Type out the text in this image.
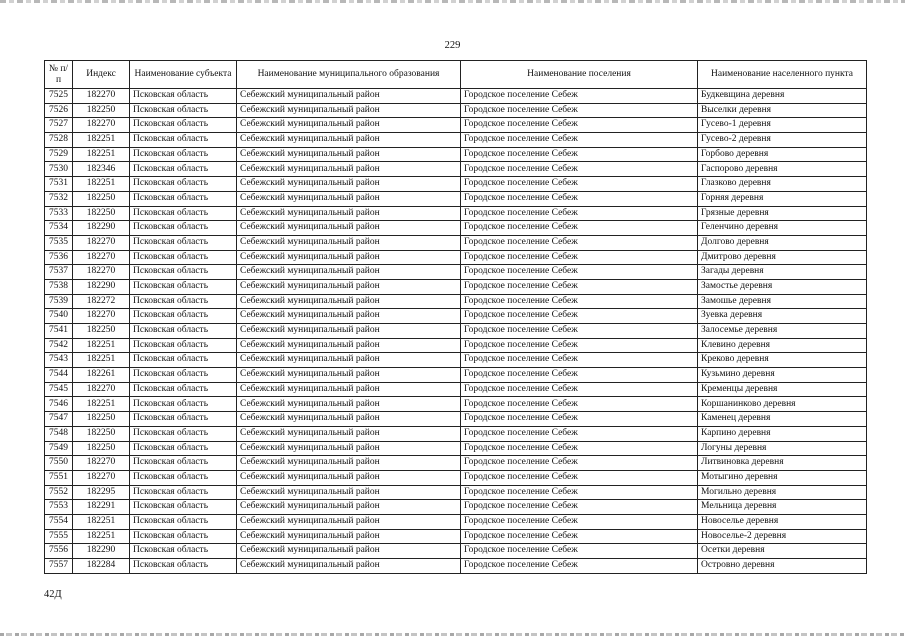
229
№ п/п	Индекс	Наименование субъекта	Наименование муниципального образования	Наименование поселения	Наименование населенного пункта
7525	182270	Псковская область	Себежский муниципальный район	Городское поселение Себеж	Будкевщина деревня
7526	182250	Псковская область	Себежский муниципальный район	Городское поселение Себеж	Выселки деревня
7527	182270	Псковская область	Себежский муниципальный район	Городское поселение Себеж	Гусево-1 деревня
7528	182251	Псковская область	Себежский муниципальный район	Городское поселение Себеж	Гусево-2 деревня
7529	182251	Псковская область	Себежский муниципальный район	Городское поселение Себеж	Горбово деревня
7530	182346	Псковская область	Себежский муниципальный район	Городское поселение Себеж	Гаспорово деревня
7531	182251	Псковская область	Себежский муниципальный район	Городское поселение Себеж	Глазково деревня
7532	182250	Псковская область	Себежский муниципальный район	Городское поселение Себеж	Горняя деревня
7533	182250	Псковская область	Себежский муниципальный район	Городское поселение Себеж	Грязные деревня
7534	182290	Псковская область	Себежский муниципальный район	Городское поселение Себеж	Геленчино деревня
7535	182270	Псковская область	Себежский муниципальный район	Городское поселение Себеж	Долгово деревня
7536	182270	Псковская область	Себежский муниципальный район	Городское поселение Себеж	Дмитрово деревня
7537	182270	Псковская область	Себежский муниципальный район	Городское поселение Себеж	Загады деревня
7538	182290	Псковская область	Себежский муниципальный район	Городское поселение Себеж	Замостье деревня
7539	182272	Псковская область	Себежский муниципальный район	Городское поселение Себеж	Замошье деревня
7540	182270	Псковская область	Себежский муниципальный район	Городское поселение Себеж	Зуевка деревня
7541	182250	Псковская область	Себежский муниципальный район	Городское поселение Себеж	Залосемье деревня
7542	182251	Псковская область	Себежский муниципальный район	Городское поселение Себеж	Клевино деревня
7543	182251	Псковская область	Себежский муниципальный район	Городское поселение Себеж	Креково деревня
7544	182261	Псковская область	Себежский муниципальный район	Городское поселение Себеж	Кузьмино деревня
7545	182270	Псковская область	Себежский муниципальный район	Городское поселение Себеж	Кременцы деревня
7546	182251	Псковская область	Себежский муниципальный район	Городское поселение Себеж	Коршанинково деревня
7547	182250	Псковская область	Себежский муниципальный район	Городское поселение Себеж	Каменец деревня
7548	182250	Псковская область	Себежский муниципальный район	Городское поселение Себеж	Карпино деревня
7549	182250	Псковская область	Себежский муниципальный район	Городское поселение Себеж	Логуны деревня
7550	182270	Псковская область	Себежский муниципальный район	Городское поселение Себеж	Литвиновка деревня
7551	182270	Псковская область	Себежский муниципальный район	Городское поселение Себеж	Мотыгино деревня
7552	182295	Псковская область	Себежский муниципальный район	Городское поселение Себеж	Могильно деревня
7553	182291	Псковская область	Себежский муниципальный район	Городское поселение Себеж	Мельница деревня
7554	182251	Псковская область	Себежский муниципальный район	Городское поселение Себеж	Новоселье деревня
7555	182251	Псковская область	Себежский муниципальный район	Городское поселение Себеж	Новоселье-2 деревня
7556	182290	Псковская область	Себежский муниципальный район	Городское поселение Себеж	Осетки деревня
7557	182284	Псковская область	Себежский муниципальный район	Городское поселение Себеж	Островно деревня
42Д
